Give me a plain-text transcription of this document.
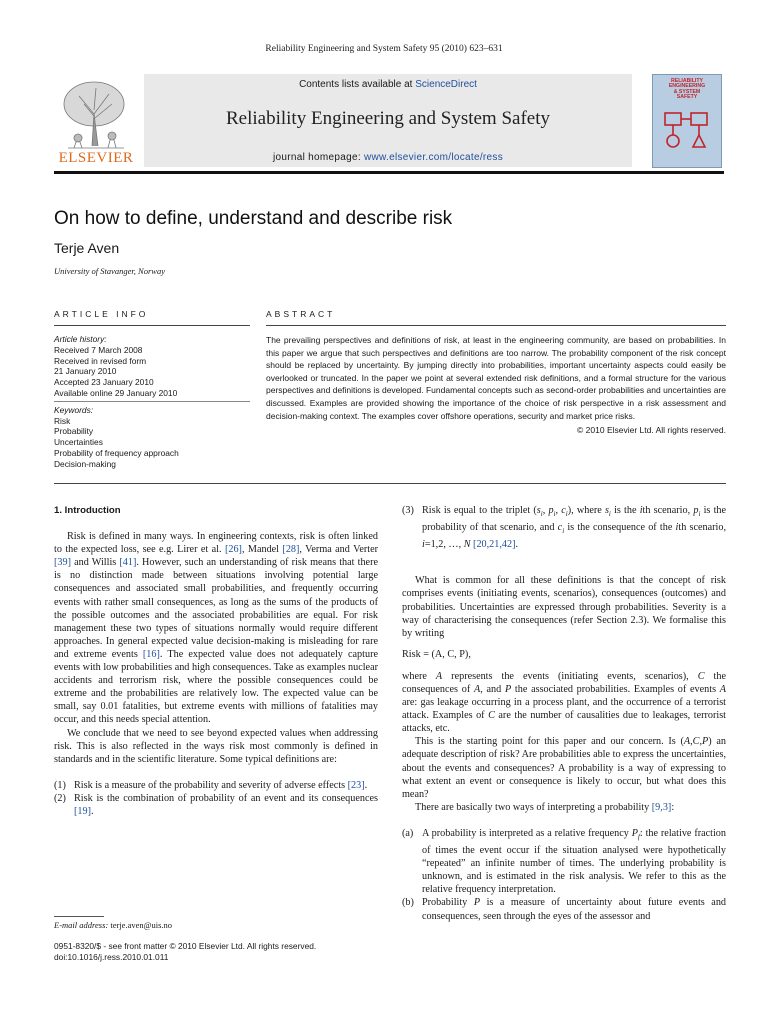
Reliability Engineering and System Safety 95 (2010) 623–631
ELSEVIER
Contents lists available at ScienceDirect
Reliability Engineering and System Safety
journal homepage: www.elsevier.com/locate/ress
RELIABILITY
ENGINEERING
& SYSTEM
SAFETY
On how to define, understand and describe risk
Terje Aven
University of Stavanger, Norway
ARTICLE INFO	ABSTRACT
Article history:
Received 7 March 2008
Received in revised form
21 January 2010
Accepted 23 January 2010
Available online 29 January 2010
Keywords:
Risk
Probability
Uncertainties
Probability of frequency approach
Decision-making
The prevailing perspectives and definitions of risk, at least in the engineering community, are based on probabilities. In this paper we argue that such perspectives and definitions are too narrow. The probability component of the risk concept should be replaced by uncertainty. By jumping directly into probabilities, important uncertainty aspects could easily be overlooked or truncated. In the paper we point at several extended risk definitions, and a formal structure for the various perspectives and definitions is developed. Fundamental concepts such as second-order probabilities and uncertainties are discussed. Examples are provided showing the importance of the choice of risk perspective in a risk assessment and decision-making context. The examples cover offshore operations, security and market price risks.
© 2010 Elsevier Ltd. All rights reserved.

1. Introduction

Risk is defined in many ways. In engineering contexts, risk is often linked to the expected loss, see e.g. Lirer et al. [26], Mandel [28], Verma and Verter [39] and Willis [41]. However, such an understanding of risk means that there is no distinction made between situations involving potential large consequences and associated small probabilities, and frequently occurring events with rather small consequences, as long as the sums of the products of the possible outcomes and the associated probabilities are equal. For risk management these two types of situations normally would require different approaches. In general expected value decision-making is misleading for rare and extreme events [16]. The expected value does not adequately capture events with low probabilities and high consequences. Take as examples nuclear accidents and terrorism risk, where the possible consequences could be extreme and the probabilities are relatively low. The expected value can be small, say 0.01 fatalities, but extreme events with millions of fatalities may occur, and this needs special attention.

We conclude that we need to see beyond expected values when addressing risk. This is also reflected in the ways risk most commonly is defined in standards and in the scientific literature. Some typical definitions are:

(1) Risk is a measure of the probability and severity of adverse effects [23].
(2) Risk is the combination of probability of an event and its consequences [19].
E-mail address: terje.aven@uis.no
0951-8320/$ - see front matter © 2010 Elsevier Ltd. All rights reserved.
doi:10.1016/j.ress.2010.01.011
(3) Risk is equal to the triplet ($s_i$, $p_i$, $c_i$), where $s_i$ is the ith scenario, $p_i$ is the probability of that scenario, and $c_i$ is the consequence of the ith scenario, i=1,2, …, N [20,21,42].

What is common for all these definitions is that the concept of risk comprises events (initiating events, scenarios), consequences (outcomes) and probabilities. Uncertainties are expressed through probabilities. Severity is a way of characterising the consequences (refer Section 2.3). We formalise this by writing

Risk = (A, C, P),

where A represents the events (initiating events, scenarios), C the consequences of A, and P the associated probabilities. Examples of events A are: gas leakage occurring in a process plant, and the occurrence of a terrorist attack. Examples of C are the number of causalities due to leakages, terrorist attacks, etc.

This is the starting point for this paper and our concern. Is (A,C,P) an adequate description of risk? Are probabilities able to express the uncertainties, about the events and consequences? A probability is a way of expressing to what extent an event or consequence is likely to occur, but what does this mean?

There are basically two ways of interpreting a probability [9,3]:

(a) A probability is interpreted as a relative frequency $P_f$: the relative fraction of times the event occur if the situation analysed were hypothetically “repeated” an infinite number of times. The underlying probability is unknown, and is estimated in the risk analysis. We refer to this as the relative frequency interpretation.
(b) Probability P is a measure of uncertainty about future events and consequences, seen through the eyes of the assessor and
